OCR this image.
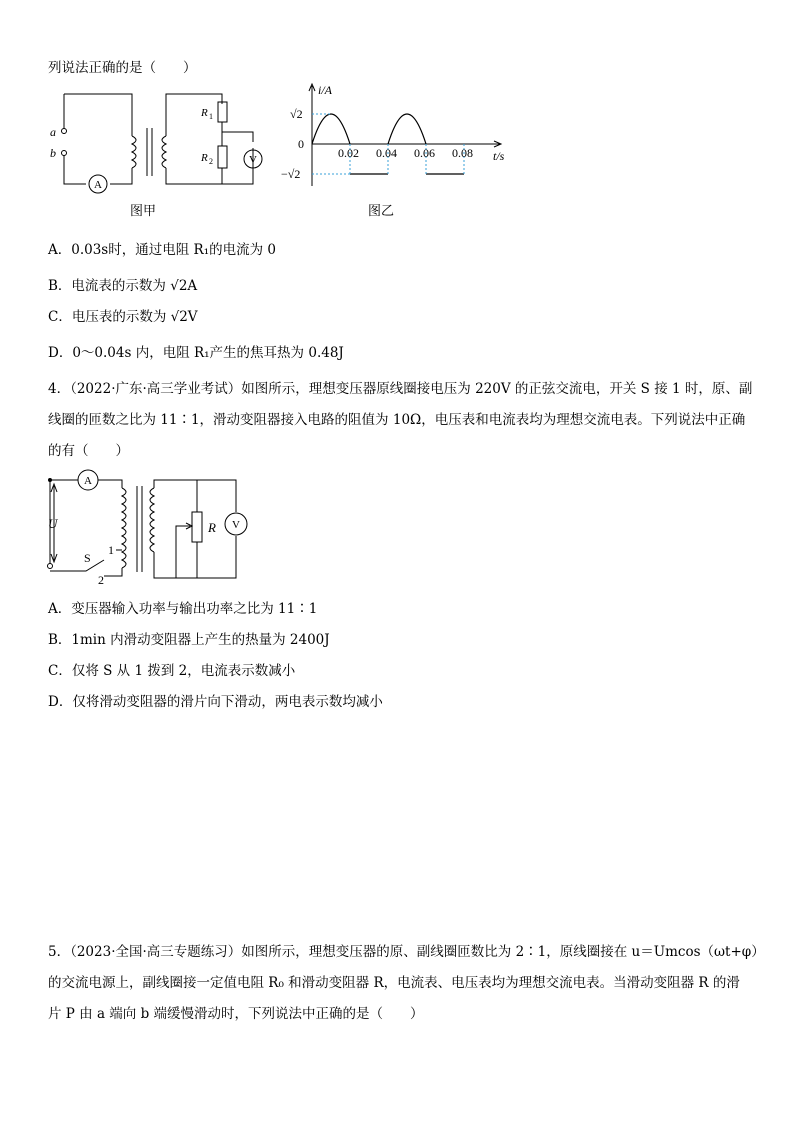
列说法正确的是（　　）
A
V
a
b
R 1
R 2
图甲
i/A
t/s
√2
0
−√2
0.02 0.04 0.06 0.08
图乙
A．0.03s时，通过电阻 R₁的电流为 0
B．电流表的示数为 √2A
C．电压表的示数为 √2V
D．0～0.04s 内，电阻 R₁产生的焦耳热为 0.48J
4．（2022·广东·高三学业考试）如图所示，理想变压器原线圈接电压为 220V 的正弦交流电，开关 S 接 1 时，原、副
线圈的匝数之比为 11∶1，滑动变阻器接入电路的阻值为 10Ω，电压表和电流表均为理想交流电表。下列说法中正确
的有（　　）
A
V
U
S
1
2
R
A．变压器输入功率与输出功率之比为 11∶1
B．1min 内滑动变阻器上产生的热量为 2400J
C．仅将 S 从 1 拨到 2，电流表示数减小
D．仅将滑动变阻器的滑片向下滑动，两电表示数均减小
5．（2023·全国·高三专题练习）如图所示，理想变压器的原、副线圈匝数比为 2∶1，原线圈接在 u＝Umcos（ωt+φ）
的交流电源上，副线圈接一定值电阻 R₀ 和滑动变阻器 R，电流表、电压表均为理想交流电表。当滑动变阻器 R 的滑
片 P 由 a 端向 b 端缓慢滑动时，下列说法中正确的是（　　）
